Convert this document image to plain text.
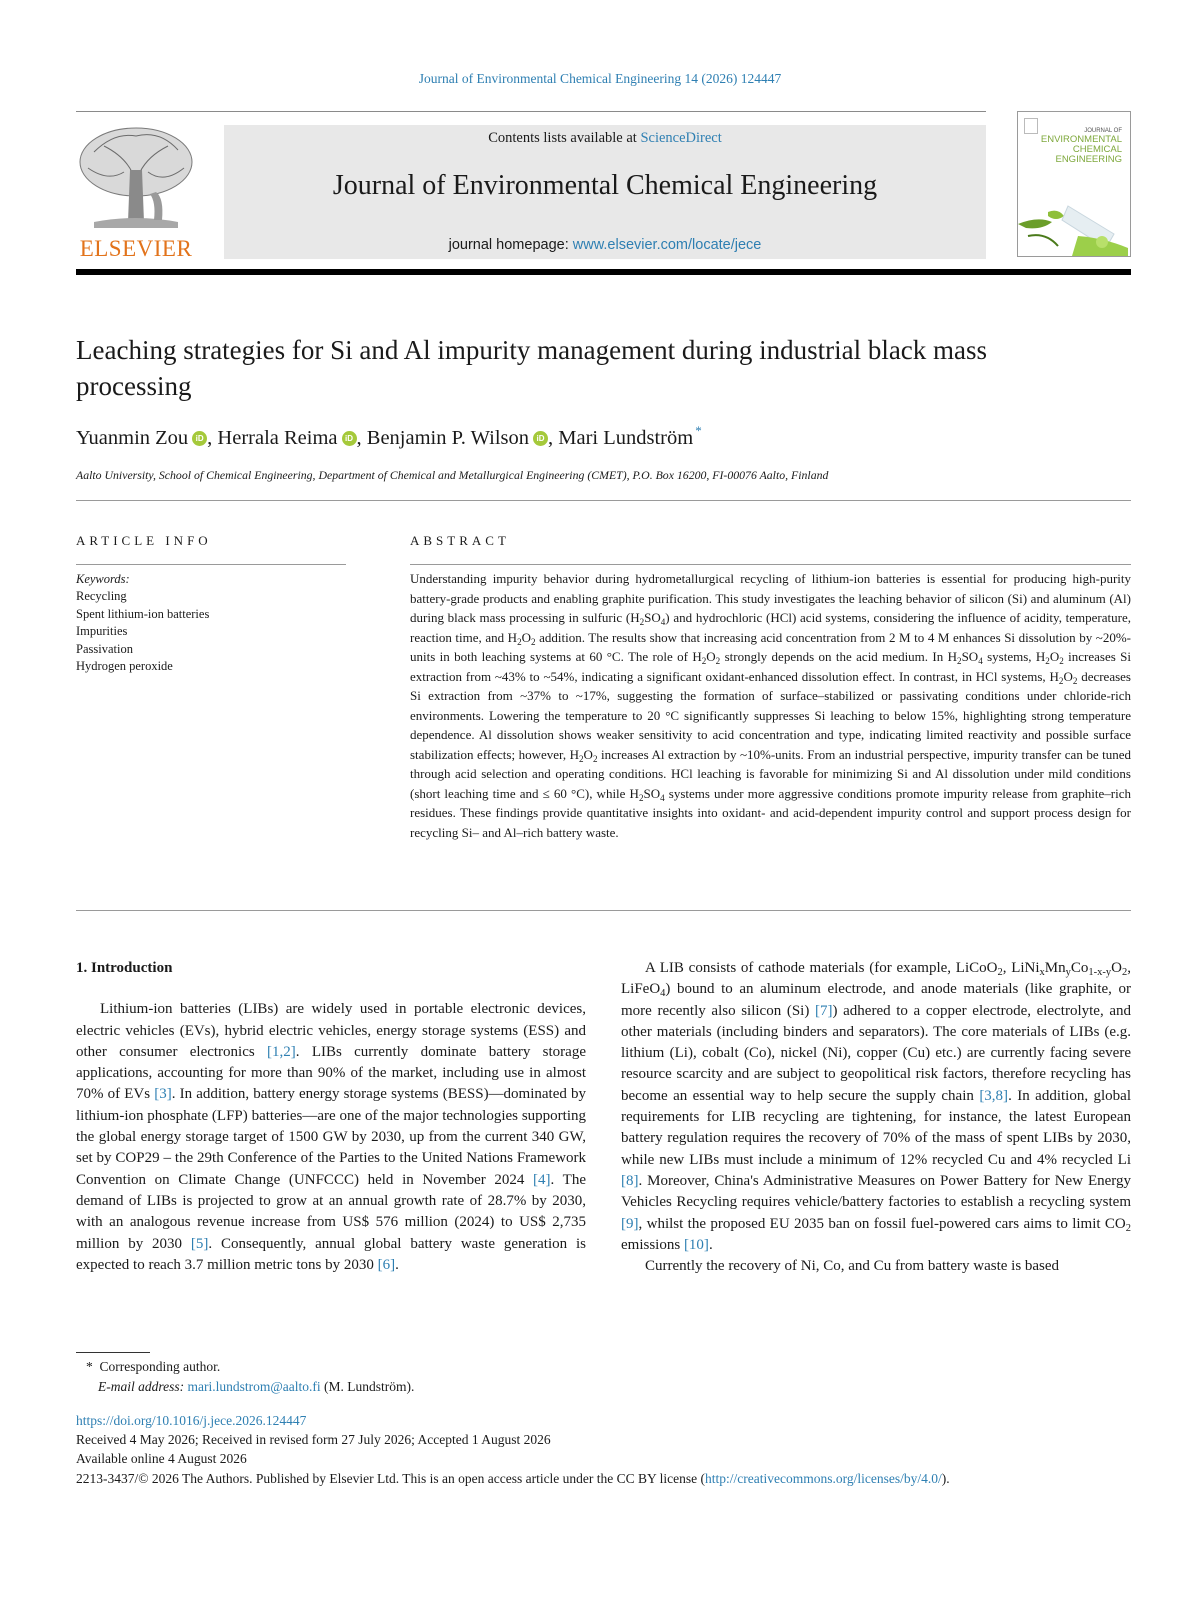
Journal of Environmental Chemical Engineering 14 (2026) 124447
ELSEVIER
Contents lists available at ScienceDirect
Journal of Environmental Chemical Engineering
journal homepage: www.elsevier.com/locate/jece
JOURNAL OF
ENVIRONMENTAL
CHEMICAL
ENGINEERING
Leaching strategies for Si and Al impurity management during industrial black mass processing
Yuanmin Zou iD , Herrala Reima iD , Benjamin P. Wilson iD , Mari Lundström *
Aalto University, School of Chemical Engineering, Department of Chemical and Metallurgical Engineering (CMET), P.O. Box 16200, FI-00076 Aalto, Finland
ARTICLE INFO
Keywords:
Recycling
Spent lithium-ion batteries
Impurities
Passivation
Hydrogen peroxide
ABSTRACT
Understanding impurity behavior during hydrometallurgical recycling of lithium-ion batteries is essential for producing high-purity battery-grade products and enabling graphite purification. This study investigates the leaching behavior of silicon (Si) and aluminum (Al) during black mass processing in sulfuric $(H_2SO_4)$ and hydrochloric (HCl) acid systems, considering the influence of acidity, temperature, reaction time, and $H_2O_2$ addition. The results show that increasing acid concentration from 2 M to 4 M enhances Si dissolution by ~20%-units in both leaching systems at 60 °C. The role of $H_2O_2$ strongly depends on the acid medium. In $H_2SO_4$ systems, $H_2O_2$ increases Si extraction from ~43% to ~54%, indicating a significant oxidant-enhanced dissolution effect. In contrast, in HCl systems, $H_2O_2$ decreases Si extraction from ~37% to ~17%, suggesting the formation of surface–stabilized or passivating conditions under chloride-rich environments. Lowering the temperature to 20 °C significantly suppresses Si leaching to below 15%, highlighting strong temperature dependence. Al dissolution shows weaker sensitivity to acid concentration and type, indicating limited reactivity and possible surface stabilization effects; however, $H_2O_2$ increases Al extraction by ~10%-units. From an industrial perspective, impurity transfer can be tuned through acid selection and operating conditions. HCl leaching is favorable for minimizing Si and Al dissolution under mild conditions (short leaching time and ≤ 60 °C), while $H_2SO_4$ systems under more aggressive conditions promote impurity release from graphite–rich residues. These findings provide quantitative insights into oxidant- and acid-dependent impurity control and support process design for recycling Si– and Al–rich battery waste.
1. Introduction

Lithium-ion batteries (LIBs) are widely used in portable electronic devices, electric vehicles (EVs), hybrid electric vehicles, energy storage systems (ESS) and other consumer electronics [1,2]. LIBs currently dominate battery storage applications, accounting for more than 90% of the market, including use in almost 70% of EVs [3]. In addition, battery energy storage systems (BESS)—dominated by lithium-ion phosphate (LFP) batteries—are one of the major technologies supporting the global energy storage target of 1500 GW by 2030, up from the current 340 GW, set by COP29 – the 29th Conference of the Parties to the United Nations Framework Convention on Climate Change (UNFCCC) held in November 2024 [4]. The demand of LIBs is projected to grow at an annual growth rate of 28.7% by 2030, with an analogous revenue increase from US$ 576 million (2024) to US$ 2,735 million by 2030 [5]. Consequently, annual global battery waste generation is expected to reach 3.7 million metric tons by 2030 [6].

A LIB consists of cathode materials (for example, LiCoO$_2$, $LiNi_xMn_yCo_{1-x-y}O_2$, LiFeO$_4$) bound to an aluminum electrode, and anode materials (like graphite, or more recently also silicon (Si) [7]) adhered to a copper electrode, electrolyte, and other materials (including binders and separators). The core materials of LIBs (e.g. lithium (Li), cobalt (Co), nickel (Ni), copper (Cu) etc.) are currently facing severe resource scarcity and are subject to geopolitical risk factors, therefore recycling has become an essential way to help secure the supply chain [3,8]. In addition, global requirements for LIB recycling are tightening, for instance, the latest European battery regulation requires the recovery of 70% of the mass of spent LIBs by 2030, while new LIBs must include a minimum of 12% recycled Cu and 4% recycled Li [8]. Moreover, China's Administrative Measures on Power Battery for New Energy Vehicles Recycling requires vehicle/battery factories to establish a recycling system [9], whilst the proposed EU 2035 ban on fossil fuel-powered cars aims to limit $CO_2$ emissions [10].

Currently the recovery of Ni, Co, and Cu from battery waste is based

* Corresponding author.
E-mail address: mari.lundstrom@aalto.fi (M. Lundström).
https://doi.org/10.1016/j.jece.2026.124447
Received 4 May 2026; Received in revised form 27 July 2026; Accepted 1 August 2026
Available online 4 August 2026
2213-3437/© 2026 The Authors. Published by Elsevier Ltd. This is an open access article under the CC BY license (http://creativecommons.org/licenses/by/4.0/).
